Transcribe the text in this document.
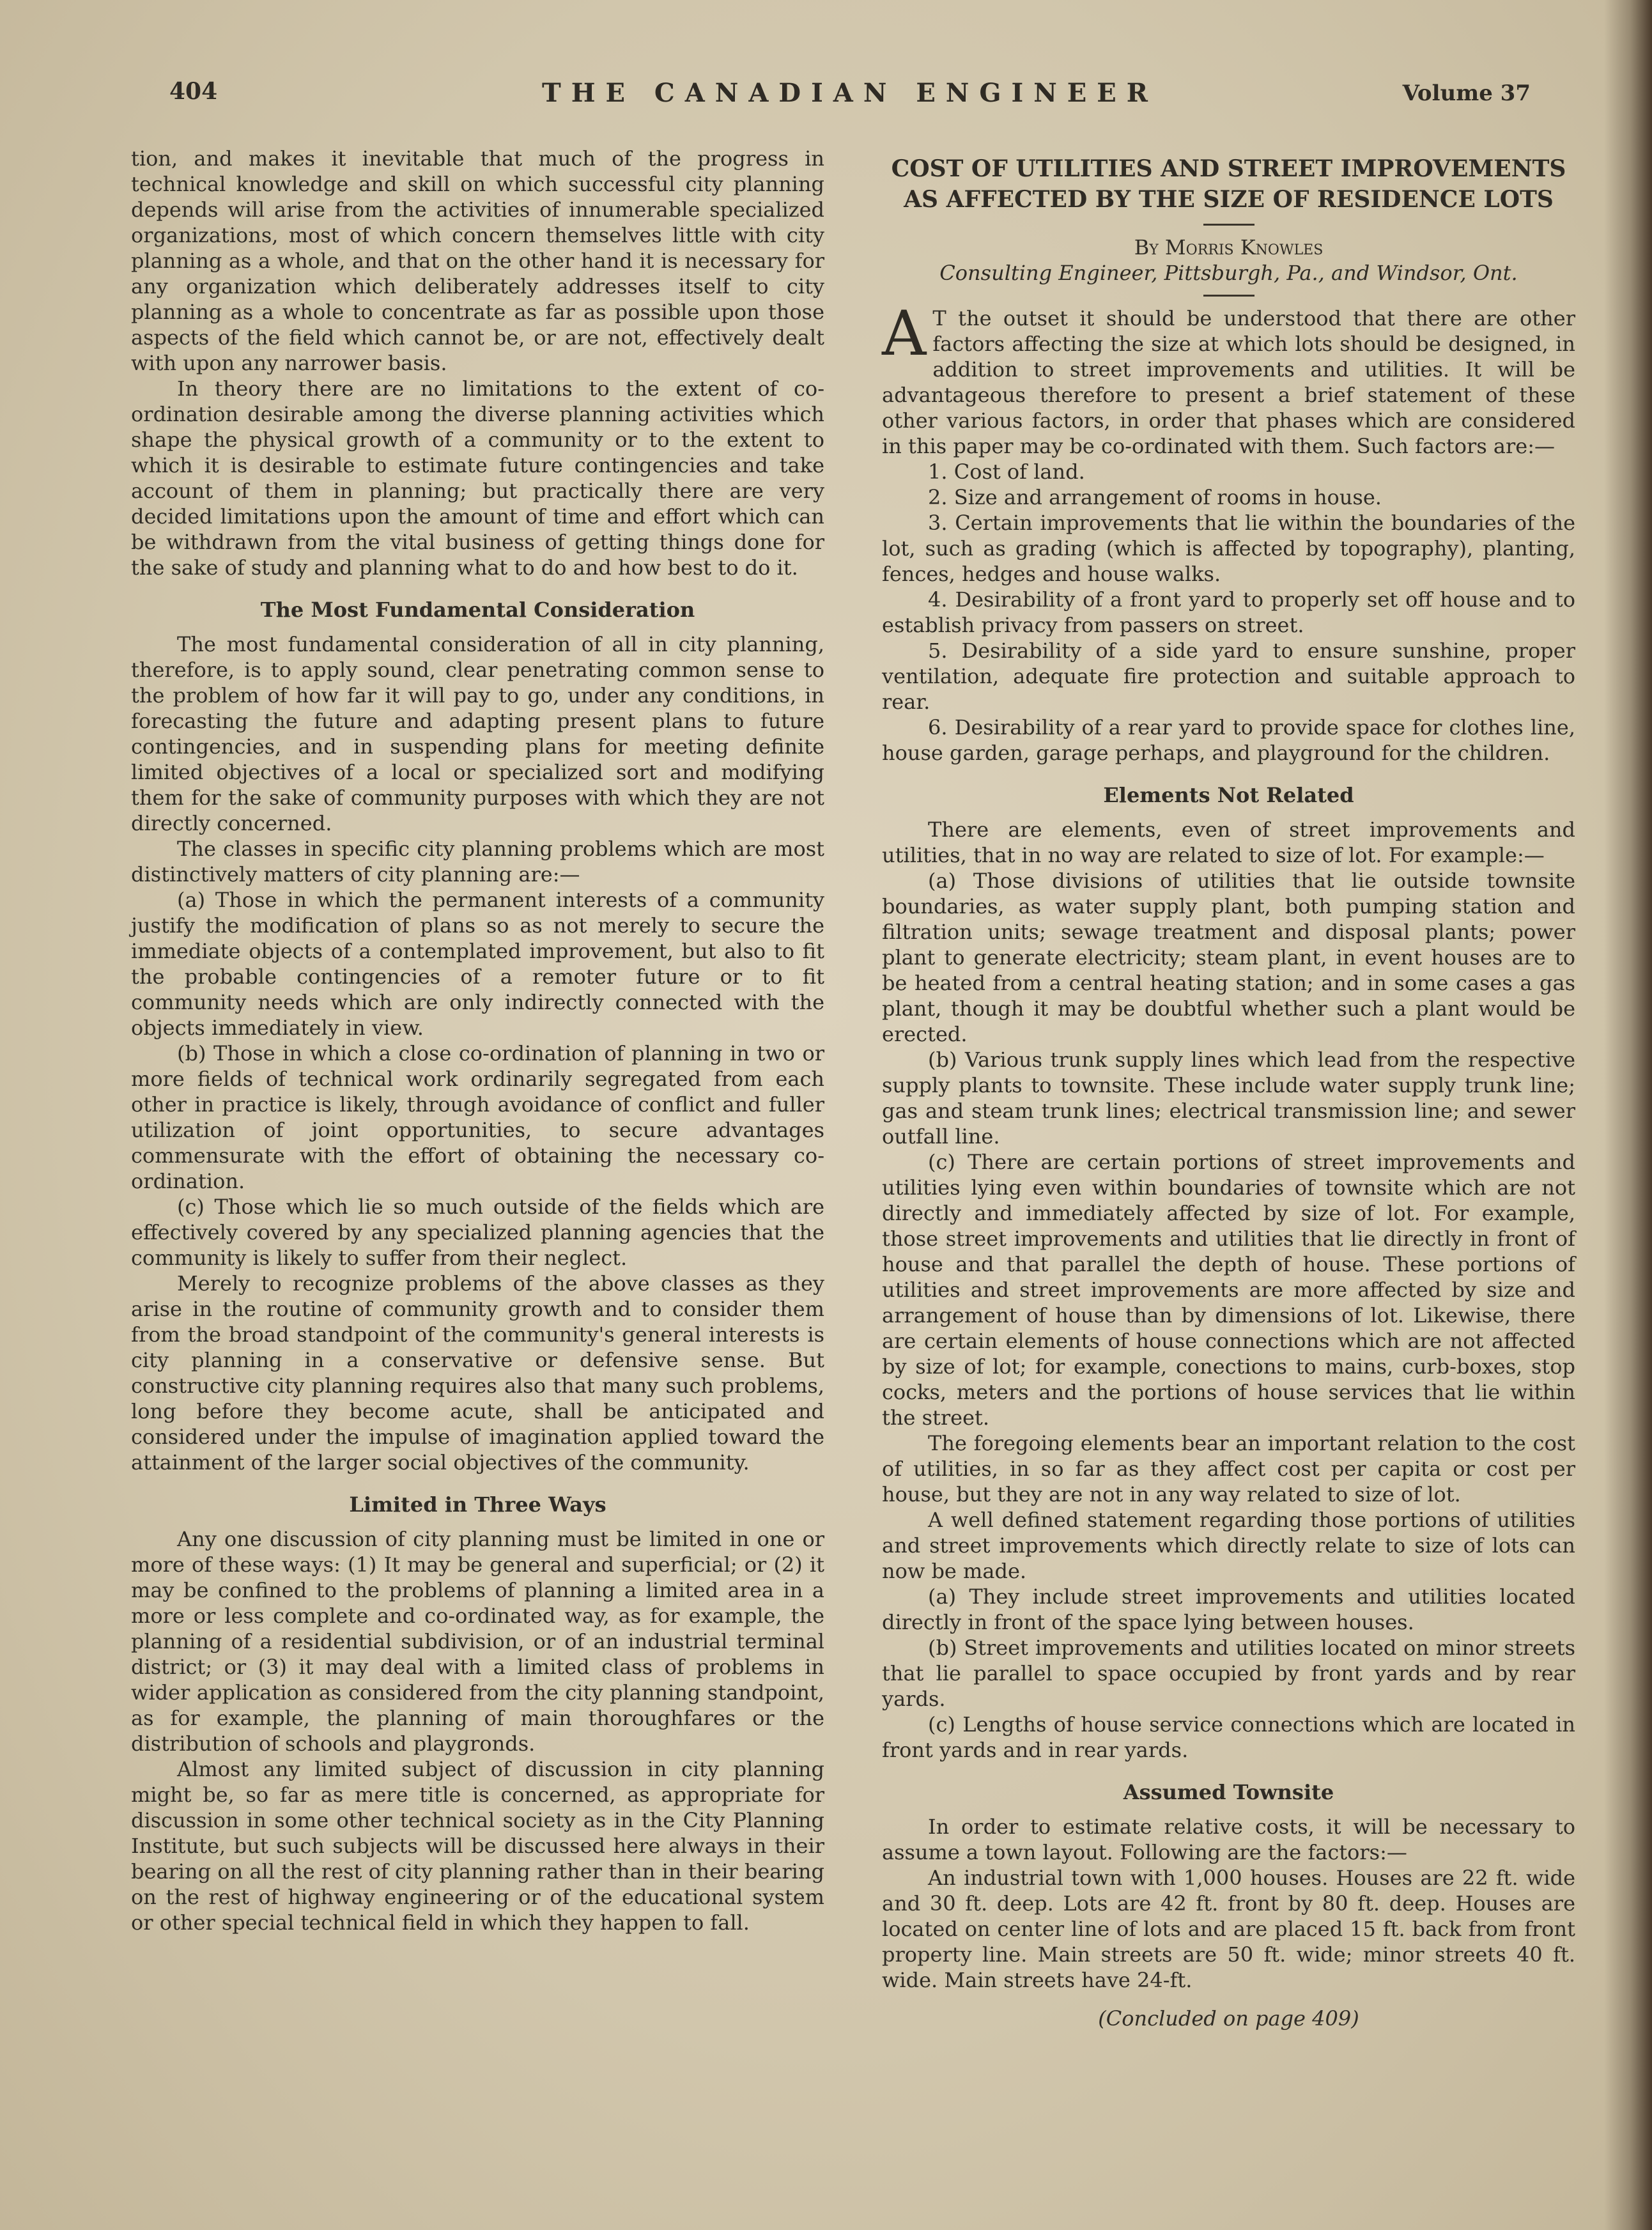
404	THE CANADIAN ENGINEER	Volume 37

tion, and makes it inevitable that much of the progress in technical knowledge and skill on which successful city planning depends will arise from the activities of innumerable specialized organizations, most of which concern themselves little with city planning as a whole, and that on the other hand it is necessary for any organization which deliberately addresses itself to city planning as a whole to concentrate as far as possible upon those aspects of the field which cannot be, or are not, effectively dealt with upon any narrower basis.

In theory there are no limitations to the extent of co-ordination desirable among the diverse planning activities which shape the physical growth of a community or to the extent to which it is desirable to estimate future contingencies and take account of them in planning; but practically there are very decided limitations upon the amount of time and effort which can be withdrawn from the vital business of getting things done for the sake of study and planning what to do and how best to do it.

The Most Fundamental Consideration

The most fundamental consideration of all in city planning, therefore, is to apply sound, clear penetrating common sense to the problem of how far it will pay to go, under any conditions, in forecasting the future and adapting present plans to future contingencies, and in suspending plans for meeting definite limited objectives of a local or specialized sort and modifying them for the sake of community purposes with which they are not directly concerned.

The classes in specific city planning problems which are most distinctively matters of city planning are:—

(a) Those in which the permanent interests of a community justify the modification of plans so as not merely to secure the immediate objects of a contemplated improvement, but also to fit the probable contingencies of a remoter future or to fit community needs which are only indirectly connected with the objects immediately in view.

(b) Those in which a close co-ordination of planning in two or more fields of technical work ordinarily segregated from each other in practice is likely, through avoidance of conflict and fuller utilization of joint opportunities, to secure advantages commensurate with the effort of obtaining the necessary co-ordination.

(c) Those which lie so much outside of the fields which are effectively covered by any specialized planning agencies that the community is likely to suffer from their neglect.

Merely to recognize problems of the above classes as they arise in the routine of community growth and to consider them from the broad standpoint of the community's general interests is city planning in a conservative or defensive sense. But constructive city planning requires also that many such problems, long before they become acute, shall be anticipated and considered under the impulse of imagination applied toward the attainment of the larger social objectives of the community.

Limited in Three Ways

Any one discussion of city planning must be limited in one or more of these ways: (1) It may be general and superficial; or (2) it may be confined to the problems of planning a limited area in a more or less complete and co-ordinated way, as for example, the planning of a residential subdivision, or of an industrial terminal district; or (3) it may deal with a limited class of problems in wider application as considered from the city planning standpoint, as for example, the planning of main thoroughfares or the distribution of schools and playgronds.

Almost any limited subject of discussion in city planning might be, so far as mere title is concerned, as appropriate for discussion in some other technical society as in the City Planning Institute, but such subjects will be discussed here always in their bearing on all the rest of city planning rather than in their bearing on the rest of highway engineering or of the educational system or other special technical field in which they happen to fall.

COST OF UTILITIES AND STREET IMPROVEMENTS AS AFFECTED BY THE SIZE OF RESIDENCE LOTS
By Morris Knowles
Consulting Engineer, Pittsburgh, Pa., and Windsor, Ont.

A T the outset it should be understood that there are other factors affecting the size at which lots should be designed, in addition to street improvements and utilities. It will be advantageous therefore to present a brief statement of these other various factors, in order that phases which are considered in this paper may be co-ordinated with them. Such factors are:—

1. Cost of land.

2. Size and arrangement of rooms in house.

3. Certain improvements that lie within the boundaries of the lot, such as grading (which is affected by topography), planting, fences, hedges and house walks.

4. Desirability of a front yard to properly set off house and to establish privacy from passers on street.

5. Desirability of a side yard to ensure sunshine, proper ventilation, adequate fire protection and suitable approach to rear.

6. Desirability of a rear yard to provide space for clothes line, house garden, garage perhaps, and playground for the children.

Elements Not Related

There are elements, even of street improvements and utilities, that in no way are related to size of lot. For example:—

(a) Those divisions of utilities that lie outside townsite boundaries, as water supply plant, both pumping station and filtration units; sewage treatment and disposal plants; power plant to generate electricity; steam plant, in event houses are to be heated from a central heating station; and in some cases a gas plant, though it may be doubtful whether such a plant would be erected.

(b) Various trunk supply lines which lead from the respective supply plants to townsite. These include water supply trunk line; gas and steam trunk lines; electrical transmission line; and sewer outfall line.

(c) There are certain portions of street improvements and utilities lying even within boundaries of townsite which are not directly and immediately affected by size of lot. For example, those street improvements and utilities that lie directly in front of house and that parallel the depth of house. These portions of utilities and street improvements are more affected by size and arrangement of house than by dimensions of lot. Likewise, there are certain elements of house connections which are not affected by size of lot; for example, conections to mains, curb-boxes, stop cocks, meters and the portions of house services that lie within the street.

The foregoing elements bear an important relation to the cost of utilities, in so far as they affect cost per capita or cost per house, but they are not in any way related to size of lot.

A well defined statement regarding those portions of utilities and street improvements which directly relate to size of lots can now be made.

(a) They include street improvements and utilities located directly in front of the space lying between houses.

(b) Street improvements and utilities located on minor streets that lie parallel to space occupied by front yards and by rear yards.

(c) Lengths of house service connections which are located in front yards and in rear yards.

Assumed Townsite

In order to estimate relative costs, it will be necessary to assume a town layout. Following are the factors:—

An industrial town with 1,000 houses. Houses are 22 ft. wide and 30 ft. deep. Lots are 42 ft. front by 80 ft. deep. Houses are located on center line of lots and are placed 15 ft. back from front property line. Main streets are 50 ft. wide; minor streets 40 ft. wide. Main streets have 24-ft.

(Concluded on page 409)
